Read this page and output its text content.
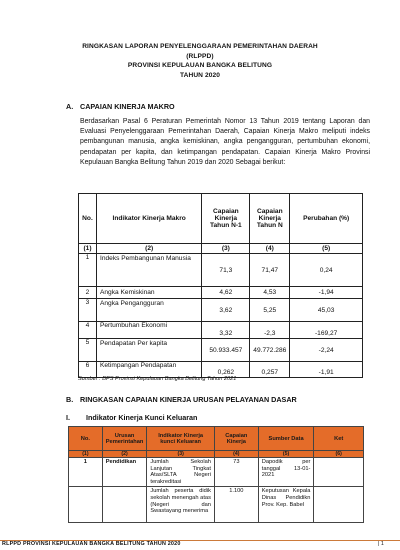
RINGKASAN LAPORAN PENYELENGGARAAN PEMERINTAHAN DAERAH
(RLPPD)
PROVINSI KEPULAUAN BANGKA BELITUNG
TAHUN 2020
A. CAPAIAN KINERJA MAKRO
Berdasarkan Pasal 6 Peraturan Pemerintah Nomor 13 Tahun 2019 tentang Laporan dan Evaluasi Penyelenggaraan Pemerintahan Daerah, Capaian Kinerja Makro meliputi indeks pembangunan manusia, angka kemiskinan, angka pengangguran, pertumbuhan ekonomi, pendapatan per kapita, dan ketimpangan pendapatan. Capaian Kinerja Makro Provinsi Kepulauan Bangka Belitung Tahun 2019 dan 2020 Sebagai berikut:
No.	Indikator Kinerja Makro	Capaian Kinerja Tahun N-1	Capaian Kinerja Tahun N	Perubahan (%)
(1)	(2)	(3)	(4)	(5)
1	Indeks Pembangunan Manusia	71,3	71,47	0,24
2	Angka Kemiskinan	4,62	4,53	-1,94
3	Angka Pengangguran	3,62	5,25	45,03
4	Pertumbuhan Ekonomi	3,32	-2,3	-169,27
5	Pendapatan Per kapita	50.933.457	49.772.286	-2,24
6	Ketimpangan Pendapatan	0,262	0,257	-1,91
Sumber : BPS Provinsi Kepulauan Bangka Belitung Tahun 2021
B. RINGKASAN CAPAIAN KINERJA URUSAN PELAYANAN DASAR
I. Indikator Kinerja Kunci Keluaran
No.	Urusan Pemerintahan	Indikator Kinerja kunci Keluaran	Capaian Kinerja	Sumber Data	Ket
(1)	(2)	(3)	(4)	(5)	(6)
1	Pendidikan	Jumlah Sekolah Lanjutan Tingkat Atas/SLTA Negeri terakreditasi	73	Dapodik per tanggal 13-01-2021	
		Jumlah peserta didik sekolah menengah atas (Negeri dan Swastayang menerima	1.100	Keputusan Kepala Dinas Pendidikn Prov. Kep. Babel	
RLPPD PROVINSI KEPULAUAN BANGKA BELITUNG TAHUN 2020	| 1
